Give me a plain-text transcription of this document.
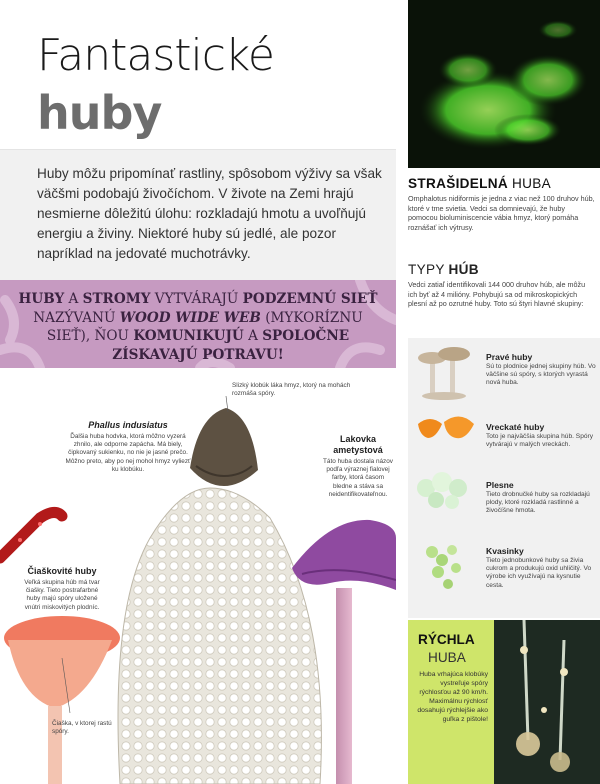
Fantastické
huby

Huby môžu pripomínať rastliny, spôsobom výživy sa však väčšmi podobajú živočíchom. V živote na Zemi hrajú nesmierne dôležitú úlohu: rozkladajú hmotu a uvoľňujú energiu a živiny. Niektoré huby sú jedlé, ale pozor napríklad na jedovaté muchotrávky.

HUBY A STROMY VYTVÁRAJÚ PODZEMNÚ SIEŤ NAZÝVANÚ WOOD WIDE WEB (MYKORÍZNU SIEŤ), ŇOU KOMUNIKUJÚ A SPOLOČNE ZÍSKAVAJÚ POTRAVU!
Slizký klobúk láka hmyz, ktorý na mohách rozmáša spóry.
Phallus indusiatus
Ďalšia huba hodvka, ktorá môžno vyzerá zhnilo, ale odporne zapácha. Má biely, čipkovaný sukienku, no nie je jasné prečo. Môžno preto, aby po nej mohol hmyz vyliezť ku klobúku.
Lakovka ametystová
Táto huba dostala názov podľa výraznej fialovej farby, ktorá časom bledne a stáva sa neidentifikovateľnou.
Čiaškovité huby
Veľká skupina húb má tvar čiašky. Tieto postrafarbné huby majú spóry uložené vnútri miskovitých plodníc.
Čiaška, v ktorej rastú spóry.
STRAŠIDELNÁ HUBA

Omphalotus nidiformis je jedna z viac než 100 druhov húb, ktoré v tme svietia. Vedci sa domnievajú, že huby pomocou bioluminiscencie vábia hmyz, ktorý pomáha roznášať ich výtrusy.

TYPY HÚB

Vedci zatiaľ identifikovali 144 000 druhov húb, ale môžu ich byť až 4 milióny. Pohybujú sa od mikroskopických plesní až po ozrutné huby. Toto sú štyri hlavné skupiny:

Pravé huby
Sú to plodnice jednej skupiny húb. Vo väčšine sú spóry, s ktorých vyrastá nová huba.
Vreckaté huby
Toto je najväčšia skupina húb. Spóry vytvárajú v malých vreckách.
Plesne
Tieto drobnučké huby sa rozkladajú plody, ktoré rozkladá rastlinné a živočíšne hmota.
Kvasinky
Tieto jednobunkové huby sa živia cukrom a produkujú oxid uhličitý. Vo výrobe ich využívajú na kysnutie cesta.
RÝCHLA
HUBA

Huba vrhajúca klobúky vystreľuje spóry rýchlosťou až 90 km/h. Maximálnu rýchlosť dosahujú rýchlejšie ako guľka z pištole!
